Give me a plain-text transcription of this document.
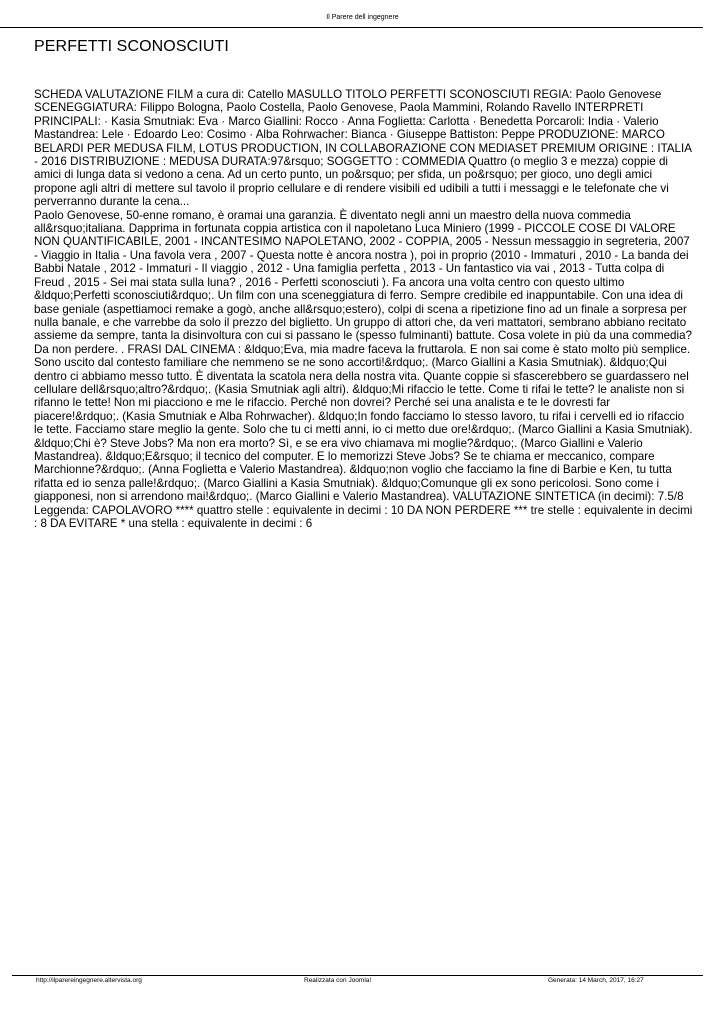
Il Parere dell ingegnere
PERFETTI SCONOSCIUTI
SCHEDA VALUTAZIONE FILM a cura di: Catello MASULLO TITOLO PERFETTI SCONOSCIUTI REGIA: Paolo Genovese SCENEGGIATURA: Filippo Bologna, Paolo Costella, Paolo Genovese, Paola Mammini, Rolando Ravello INTERPRETI PRINCIPALI: · Kasia Smutniak: Eva · Marco Giallini: Rocco · Anna Foglietta: Carlotta · Benedetta Porcaroli: India · Valerio Mastandrea: Lele · Edoardo Leo: Cosimo · Alba Rohrwacher: Bianca · Giuseppe Battiston: Peppe PRODUZIONE: MARCO BELARDI PER MEDUSA FILM, LOTUS PRODUCTION, IN COLLABORAZIONE CON MEDIASET PREMIUM ORIGINE : ITALIA - 2016 DISTRIBUZIONE : MEDUSA DURATA:97&rsquo; SOGGETTO : COMMEDIA Quattro (o meglio 3 e mezza) coppie di amici di lunga data si vedono a cena. Ad un certo punto, un po&rsquo; per sfida, un po&rsquo; per gioco, uno degli amici propone agli altri di mettere sul tavolo il proprio cellulare e di rendere visibili ed udibili a tutti i messaggi e le telefonate che vi perverranno durante la cena...
Paolo Genovese, 50-enne romano, è oramai una garanzia. È diventato negli anni un maestro della nuova commedia all&rsquo;italiana. Dapprima in fortunata coppia artistica con il napoletano Luca Miniero (1999 - PICCOLE COSE DI VALORE NON QUANTIFICABILE, 2001 - INCANTESIMO NAPOLETANO, 2002 - COPPIA, 2005 - Nessun messaggio in segreteria, 2007 - Viaggio in Italia - Una favola vera , 2007 - Questa notte è ancora nostra ), poi in proprio (2010 - Immaturi , 2010 - La banda dei Babbi Natale , 2012 - Immaturi - Il viaggio , 2012 - Una famiglia perfetta , 2013 - Un fantastico via vai , 2013 - Tutta colpa di Freud , 2015 - Sei mai stata sulla luna? , 2016 - Perfetti sconosciuti ). Fa ancora una volta centro con questo ultimo &ldquo;Perfetti sconosciuti&rdquo;. Un film con una sceneggiatura di ferro. Sempre credibile ed inappuntabile. Con una idea di base geniale (aspettiamoci remake a gogò, anche all&rsquo;estero), colpi di scena a ripetizione fino ad un finale a sorpresa per nulla banale, e che varrebbe da solo il prezzo del biglietto. Un gruppo di attori che, da veri mattatori, sembrano abbiano recitato assieme da sempre, tanta la disinvoltura con cui si passano le (spesso fulminanti) battute. Cosa volete in più da una commedia? Da non perdere. . FRASI DAL CINEMA : &ldquo;Eva, mia madre faceva la fruttarola. E non sai come è stato molto più semplice. Sono uscito dal contesto familiare che nemmeno se ne sono accorti!&rdquo;. (Marco Giallini a Kasia Smutniak). &ldquo;Qui dentro ci abbiamo messo tutto. È diventata la scatola nera della nostra vita. Quante coppie si sfascerebbero se guardassero nel cellulare dell&rsquo;altro?&rdquo;. (Kasia Smutniak agli altri). &ldquo;Mi rifaccio le tette. Come ti rifai le tette? le analiste non si rifanno le tette! Non mi piacciono e me le rifaccio. Perché non dovrei? Perché sei una analista e te le dovresti far piacere!&rdquo;. (Kasia Smutniak e Alba Rohrwacher). &ldquo;In fondo facciamo lo stesso lavoro, tu rifai i cervelli ed io rifaccio le tette. Facciamo stare meglio la gente. Solo che tu ci metti anni, io ci metto due ore!&rdquo;. (Marco Giallini a Kasia Smutniak). &ldquo;Chi è? Steve Jobs? Ma non era morto? Sì, e se era vivo chiamava mi moglie?&rdquo;. (Marco Giallini e Valerio Mastandrea). &ldquo;E&rsquo; il tecnico del computer. E lo memorizzi Steve Jobs? Se te chiama er meccanico, compare Marchionne?&rdquo;. (Anna Foglietta e Valerio Mastandrea). &ldquo;non voglio che facciamo la fine di Barbie e Ken, tu tutta rifatta ed io senza palle!&rdquo;. (Marco Giallini a Kasia Smutniak). &ldquo;Comunque gli ex sono pericolosi. Sono come i giapponesi, non si arrendono mai!&rdquo;. (Marco Giallini e Valerio Mastandrea). VALUTAZIONE SINTETICA (in decimi): 7.5/8 Leggenda: CAPOLAVORO **** quattro stelle : equivalente in decimi : 10 DA NON PERDERE *** tre stelle : equivalente in decimi : 8 DA EVITARE * una stella : equivalente in decimi : 6
http://ilparereingegnere.altervista.org	Realizzata con Joomla!	Generata: 14 March, 2017, 16:27
